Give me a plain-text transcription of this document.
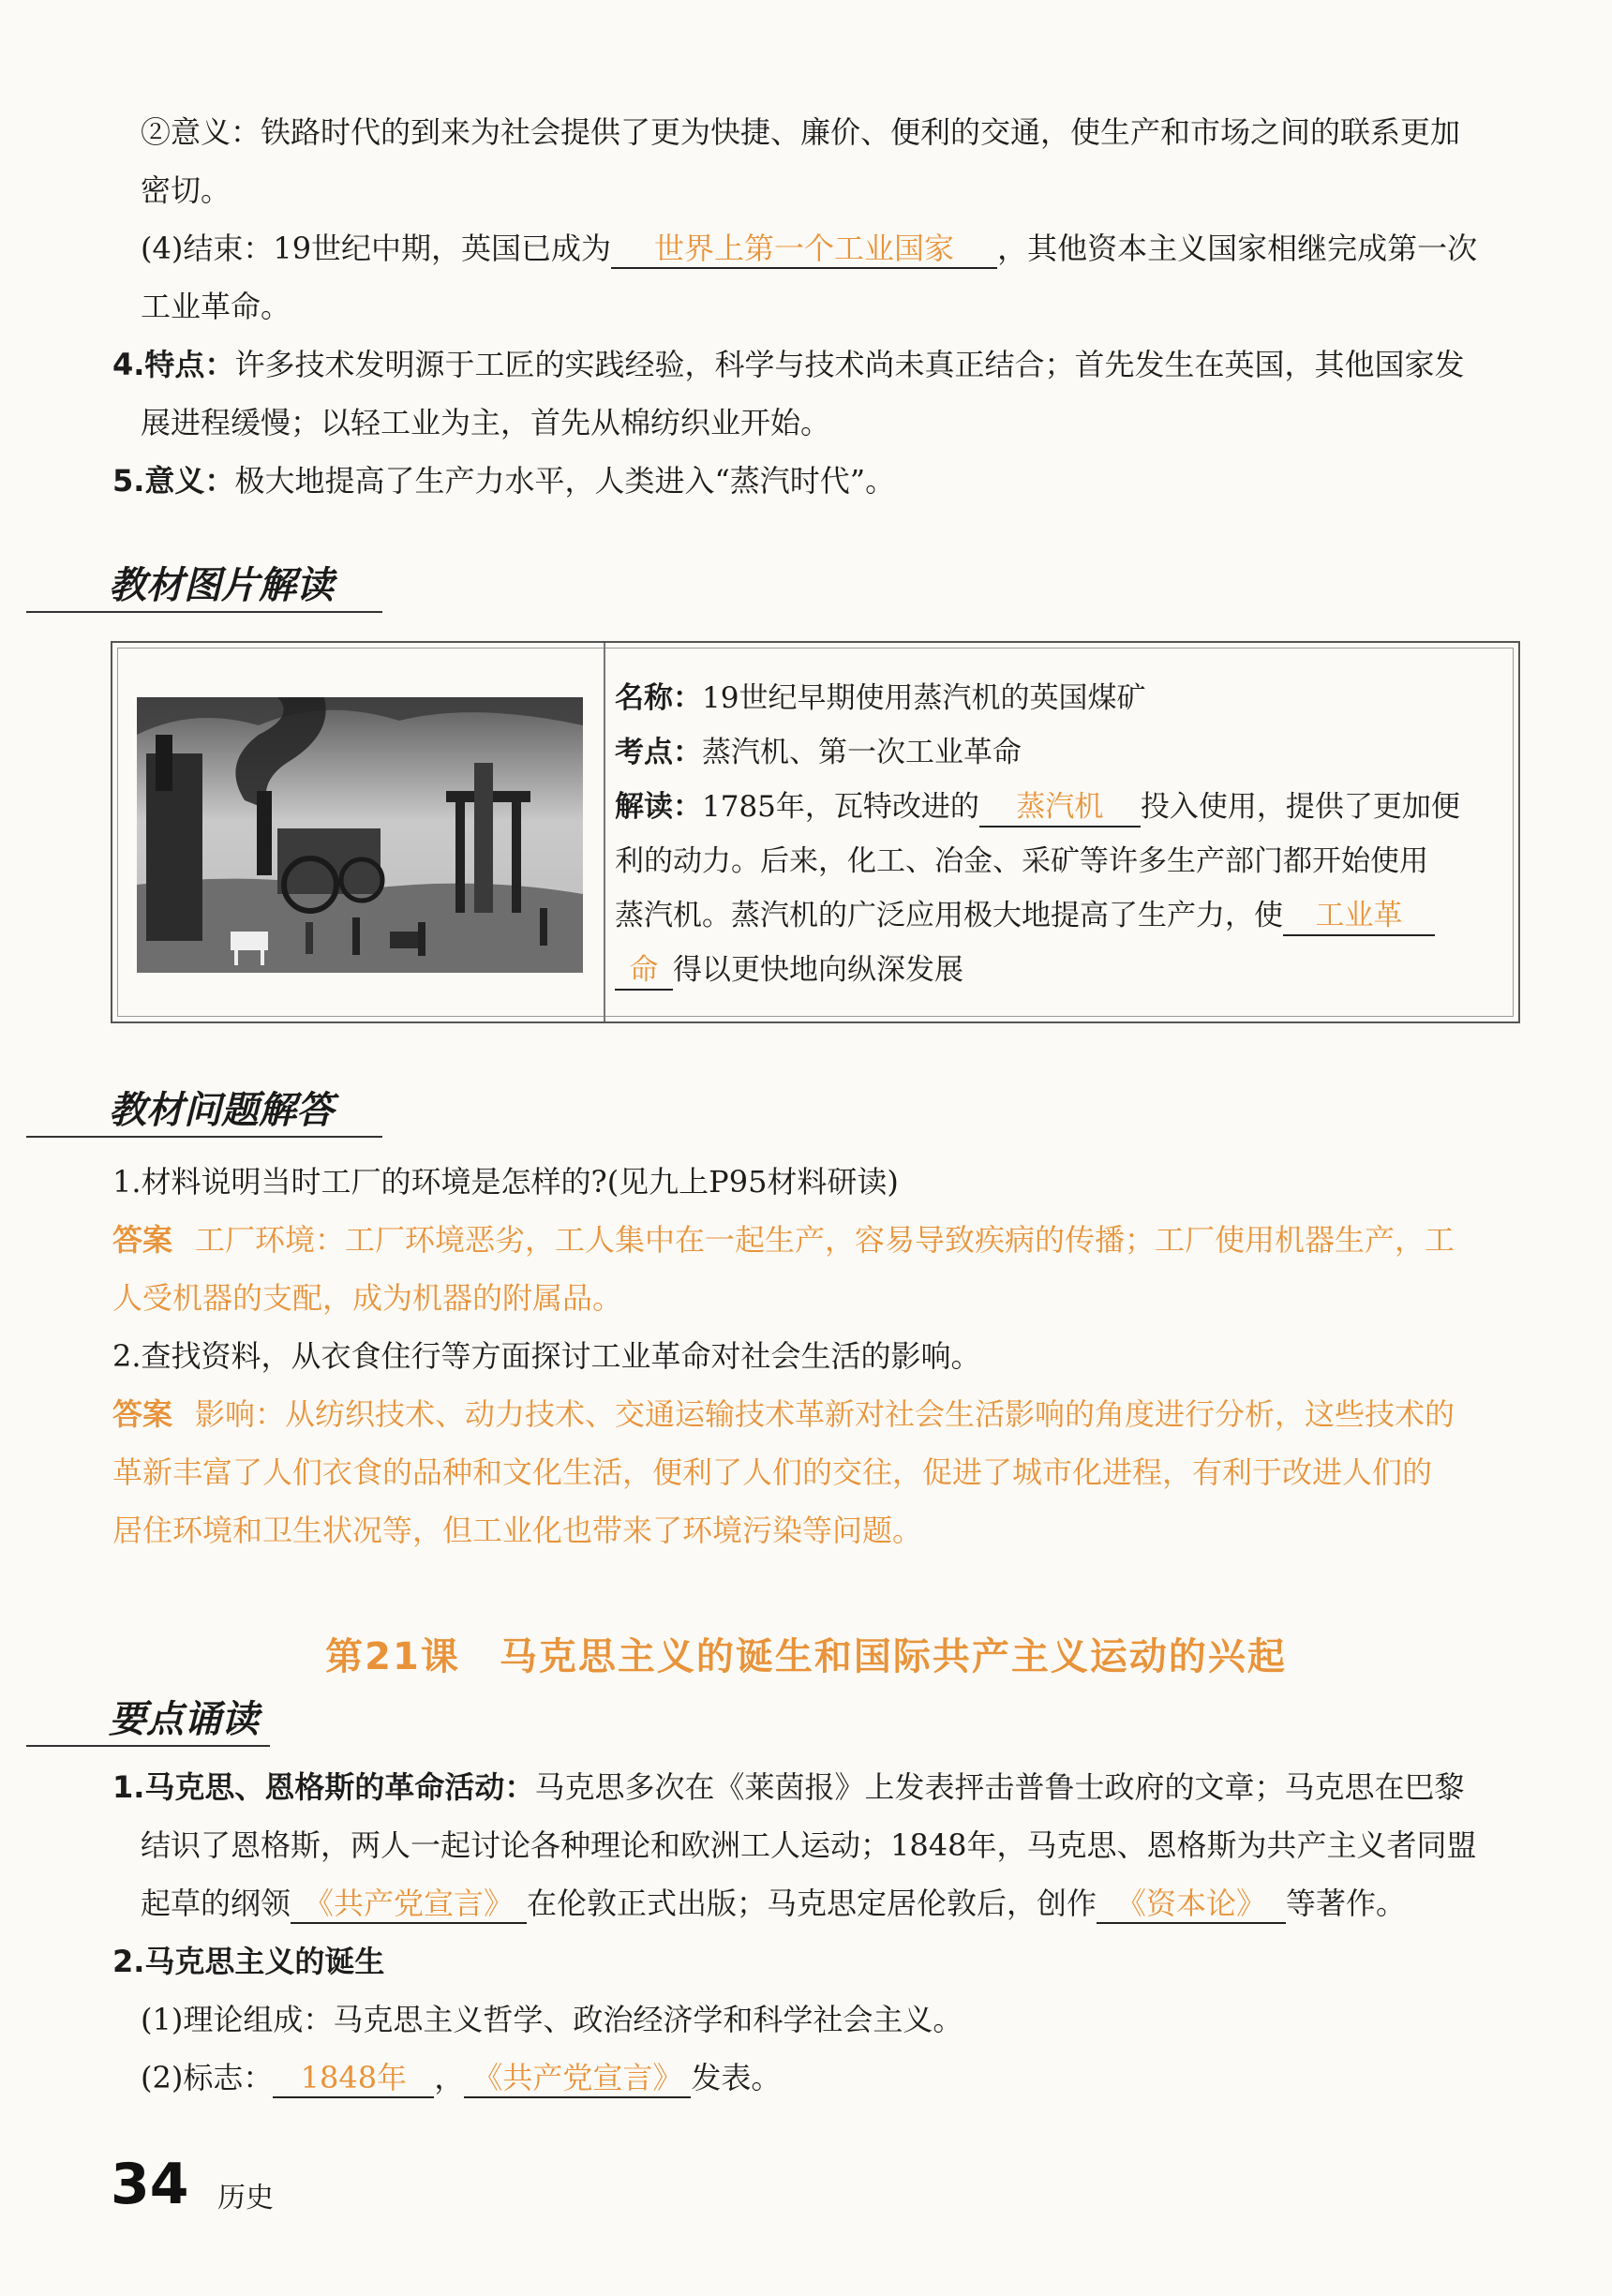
②意义：铁路时代的到来为社会提供了更为快捷、廉价、便利的交通，使生产和市场之间的联系更加

密切。

(4)结束：19世纪中期，英国已成为 世界上第一个工业国家 ，其他资本主义国家相继完成第一次

工业革命。

4.特点：许多技术发明源于工匠的实践经验，科学与技术尚未真正结合；首先发生在英国，其他国家发

展进程缓慢；以轻工业为主，首先从棉纺织业开始。

5.意义：极大地提高了生产力水平，人类进入“蒸汽时代”。

教材图片解读
名称：19世纪早期使用蒸汽机的英国煤矿
考点：蒸汽机、第一次工业革命
解读：1785年，瓦特改进的 蒸汽机 投入使用，提供了更加便
利的动力。后来，化工、冶金、采矿等许多生产部门都开始使用
蒸汽机。蒸汽机的广泛应用极大地提高了生产力，使 工业革
命 得以更快地向纵深发展
教材问题解答

1.材料说明当时工厂的环境是怎样的?(见九上P95材料研读)

答案 工厂环境：工厂环境恶劣，工人集中在一起生产，容易导致疾病的传播；工厂使用机器生产，工

人受机器的支配，成为机器的附属品。

2.查找资料，从衣食住行等方面探讨工业革命对社会生活的影响。

答案 影响：从纺织技术、动力技术、交通运输技术革新对社会生活影响的角度进行分析，这些技术的

革新丰富了人们衣食的品种和文化生活，便利了人们的交往，促进了城市化进程，有利于改进人们的

居住环境和卫生状况等，但工业化也带来了环境污染等问题。

第21课　马克思主义的诞生和国际共产主义运动的兴起
要点诵读

1.马克思、恩格斯的革命活动：马克思多次在《莱茵报》上发表抨击普鲁士政府的文章；马克思在巴黎

结识了恩格斯，两人一起讨论各种理论和欧洲工人运动；1848年，马克思、恩格斯为共产主义者同盟

起草的纲领 《共产党宣言》 在伦敦正式出版；马克思定居伦敦后，创作 《资本论》 等著作。

2.马克思主义的诞生

(1)理论组成：马克思主义哲学、政治经济学和科学社会主义。

(2)标志： 1848年 ， 《共产党宣言》 发表。

34 历史
